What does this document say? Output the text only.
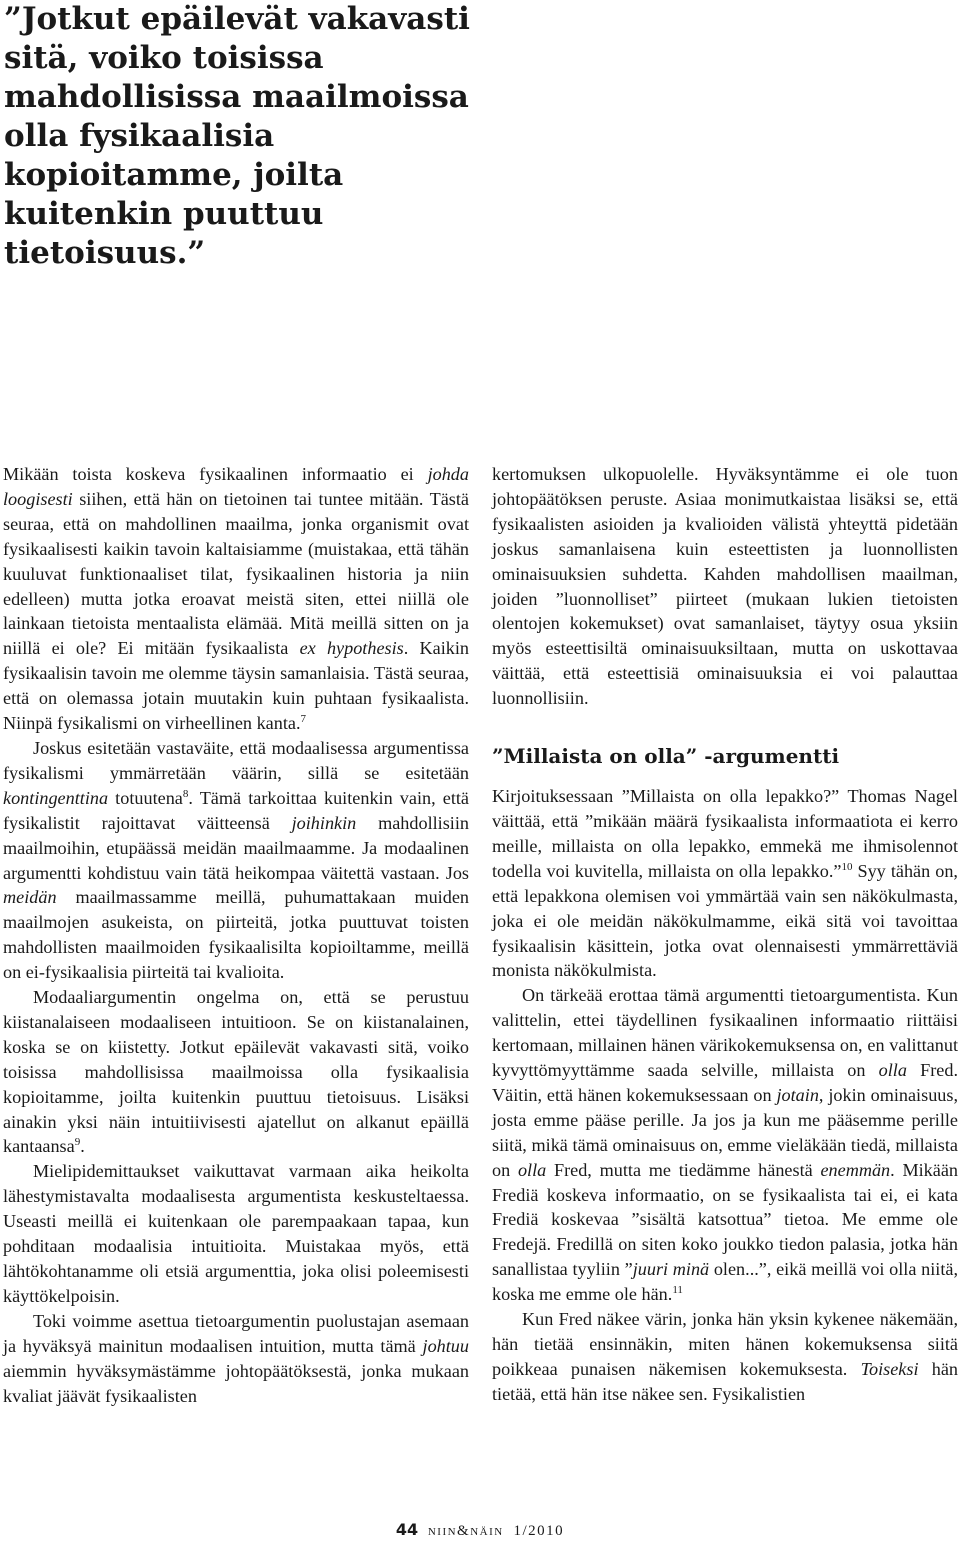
”Jotkut epäilevät vakavasti sitä, voiko toisissa mahdollisissa maailmoissa olla fysikaalisia kopioitamme, joilta kuitenkin puuttuu tietoisuus.”

Mikään toista koskeva fysikaalinen informaatio ei johda loogisesti siihen, että hän on tietoinen tai tuntee mitään. Tästä seuraa, että on mahdollinen maailma, jonka organismit ovat fysikaalisesti kaikin tavoin kaltaisiamme (muistakaa, että tähän kuuluvat funktionaaliset tilat, fysikaalinen historia ja niin edelleen) mutta jotka eroavat meistä siten, ettei niillä ole lainkaan tietoista mentaalista elämää. Mitä meillä sitten on ja niillä ei ole? Ei mitään fysikaalista ex hypothesis. Kaikin fysikaalisin tavoin me olemme täysin samanlaisia. Tästä seuraa, että on olemassa jotain muutakin kuin puhtaan fysikaalista. Niinpä fysikalismi on virheellinen kanta.$^7$

Joskus esitetään vastaväite, että modaalisessa argumentissa fysikalismi ymmärretään väärin, sillä se esitetään kontingenttina totuutena$^8$. Tämä tarkoittaa kuitenkin vain, että fysikalistit rajoittavat väitteensä joihinkin mahdollisiin maailmoihin, etupäässä meidän maailmaamme. Ja modaalinen argumentti kohdistuu vain tätä heikompaa väitettä vastaan. Jos meidän maailmassamme meillä, puhumattakaan muiden maailmojen asukeista, on piirteitä, jotka puuttuvat toisten mahdollisten maailmoiden fysikaalisilta kopioiltamme, meillä on ei-fysikaalisia piirteitä tai kvalioita.

Modaaliargumentin ongelma on, että se perustuu kiistanalaiseen modaaliseen intuitioon. Se on kiistanalainen, koska se on kiistetty. Jotkut epäilevät vakavasti sitä, voiko toisissa mahdollisissa maailmoissa olla fysikaalisia kopioitamme, joilta kuitenkin puuttuu tietoisuus. Lisäksi ainakin yksi näin intuitiivisesti ajatellut on alkanut epäillä kantaansa$^9$.

Mielipidemittaukset vaikuttavat varmaan aika heikolta lähestymistavalta modaalisesta argumentista keskusteltaessa. Useasti meillä ei kuitenkaan ole parempaakaan tapaa, kun pohditaan modaalisia intuitioita. Muistakaa myös, että lähtökohtanamme oli etsiä argumenttia, joka olisi poleemisesti käyttökelpoisin.

Toki voimme asettua tietoargumentin puolustajan asemaan ja hyväksyä mainitun modaalisen intuition, mutta tämä johtuu aiemmin hyväksymästämme johtopäätöksestä, jonka mukaan kvaliat jäävät fysikaalisten

kertomuksen ulkopuolelle. Hyväksyntämme ei ole tuon johtopäätöksen peruste. Asiaa monimutkaistaa lisäksi se, että fysikaalisten asioiden ja kvalioiden välistä yhteyttä pidetään joskus samanlaisena kuin esteettisten ja luonnollisten ominaisuuksien suhdetta. Kahden mahdollisen maailman, joiden ”luonnolliset” piirteet (mukaan lukien tietoisten olentojen kokemukset) ovat samanlaiset, täytyy osua yksiin myös esteettisiltä ominaisuuksiltaan, mutta on uskottavaa väittää, että esteettisiä ominaisuuksia ei voi palauttaa luonnollisiin.

”Millaista on olla” -argumentti

Kirjoituksessaan ”Millaista on olla lepakko?” Thomas Nagel väittää, että ”mikään määrä fysikaalista informaatiota ei kerro meille, millaista on olla lepakko, emmekä me ihmisolennot todella voi kuvitella, millaista on olla lepakko.”$^{10}$ Syy tähän on, että lepakkona olemisen voi ymmärtää vain sen näkökulmasta, joka ei ole meidän näkökulmamme, eikä sitä voi tavoittaa fysikaalisin käsittein, jotka ovat olennaisesti ymmärrettäviä monista näkökulmista.

On tärkeää erottaa tämä argumentti tietoargumentista. Kun valittelin, ettei täydellinen fysikaalinen informaatio riittäisi kertomaan, millainen hänen värikokemuksensa on, en valittanut kyvyttömyyttämme saada selville, millaista on olla Fred. Väitin, että hänen kokemuksessaan on jotain, jokin ominaisuus, josta emme pääse perille. Ja jos ja kun me pääsemme perille siitä, mikä tämä ominaisuus on, emme vieläkään tiedä, millaista on olla Fred, mutta me tiedämme hänestä enemmän. Mikään Frediä koskeva informaatio, on se fysikaalista tai ei, ei kata Frediä koskevaa ”sisältä katsottua” tietoa. Me emme ole Fredejä. Fredillä on siten koko joukko tiedon palasia, jotka hän sanallistaa tyyliin ”juuri minä olen...”, eikä meillä voi olla niitä, koska me emme ole hän.$^{11}$

Kun Fred näkee värin, jonka hän yksin kykenee näkemään, hän tietää ensinnäkin, miten hänen kokemuksensa siitä poikkeaa punaisen näkemisen kokemuksesta. Toiseksi hän tietää, että hän itse näkee sen. Fysikalistien

44 niin&näin 1/2010
